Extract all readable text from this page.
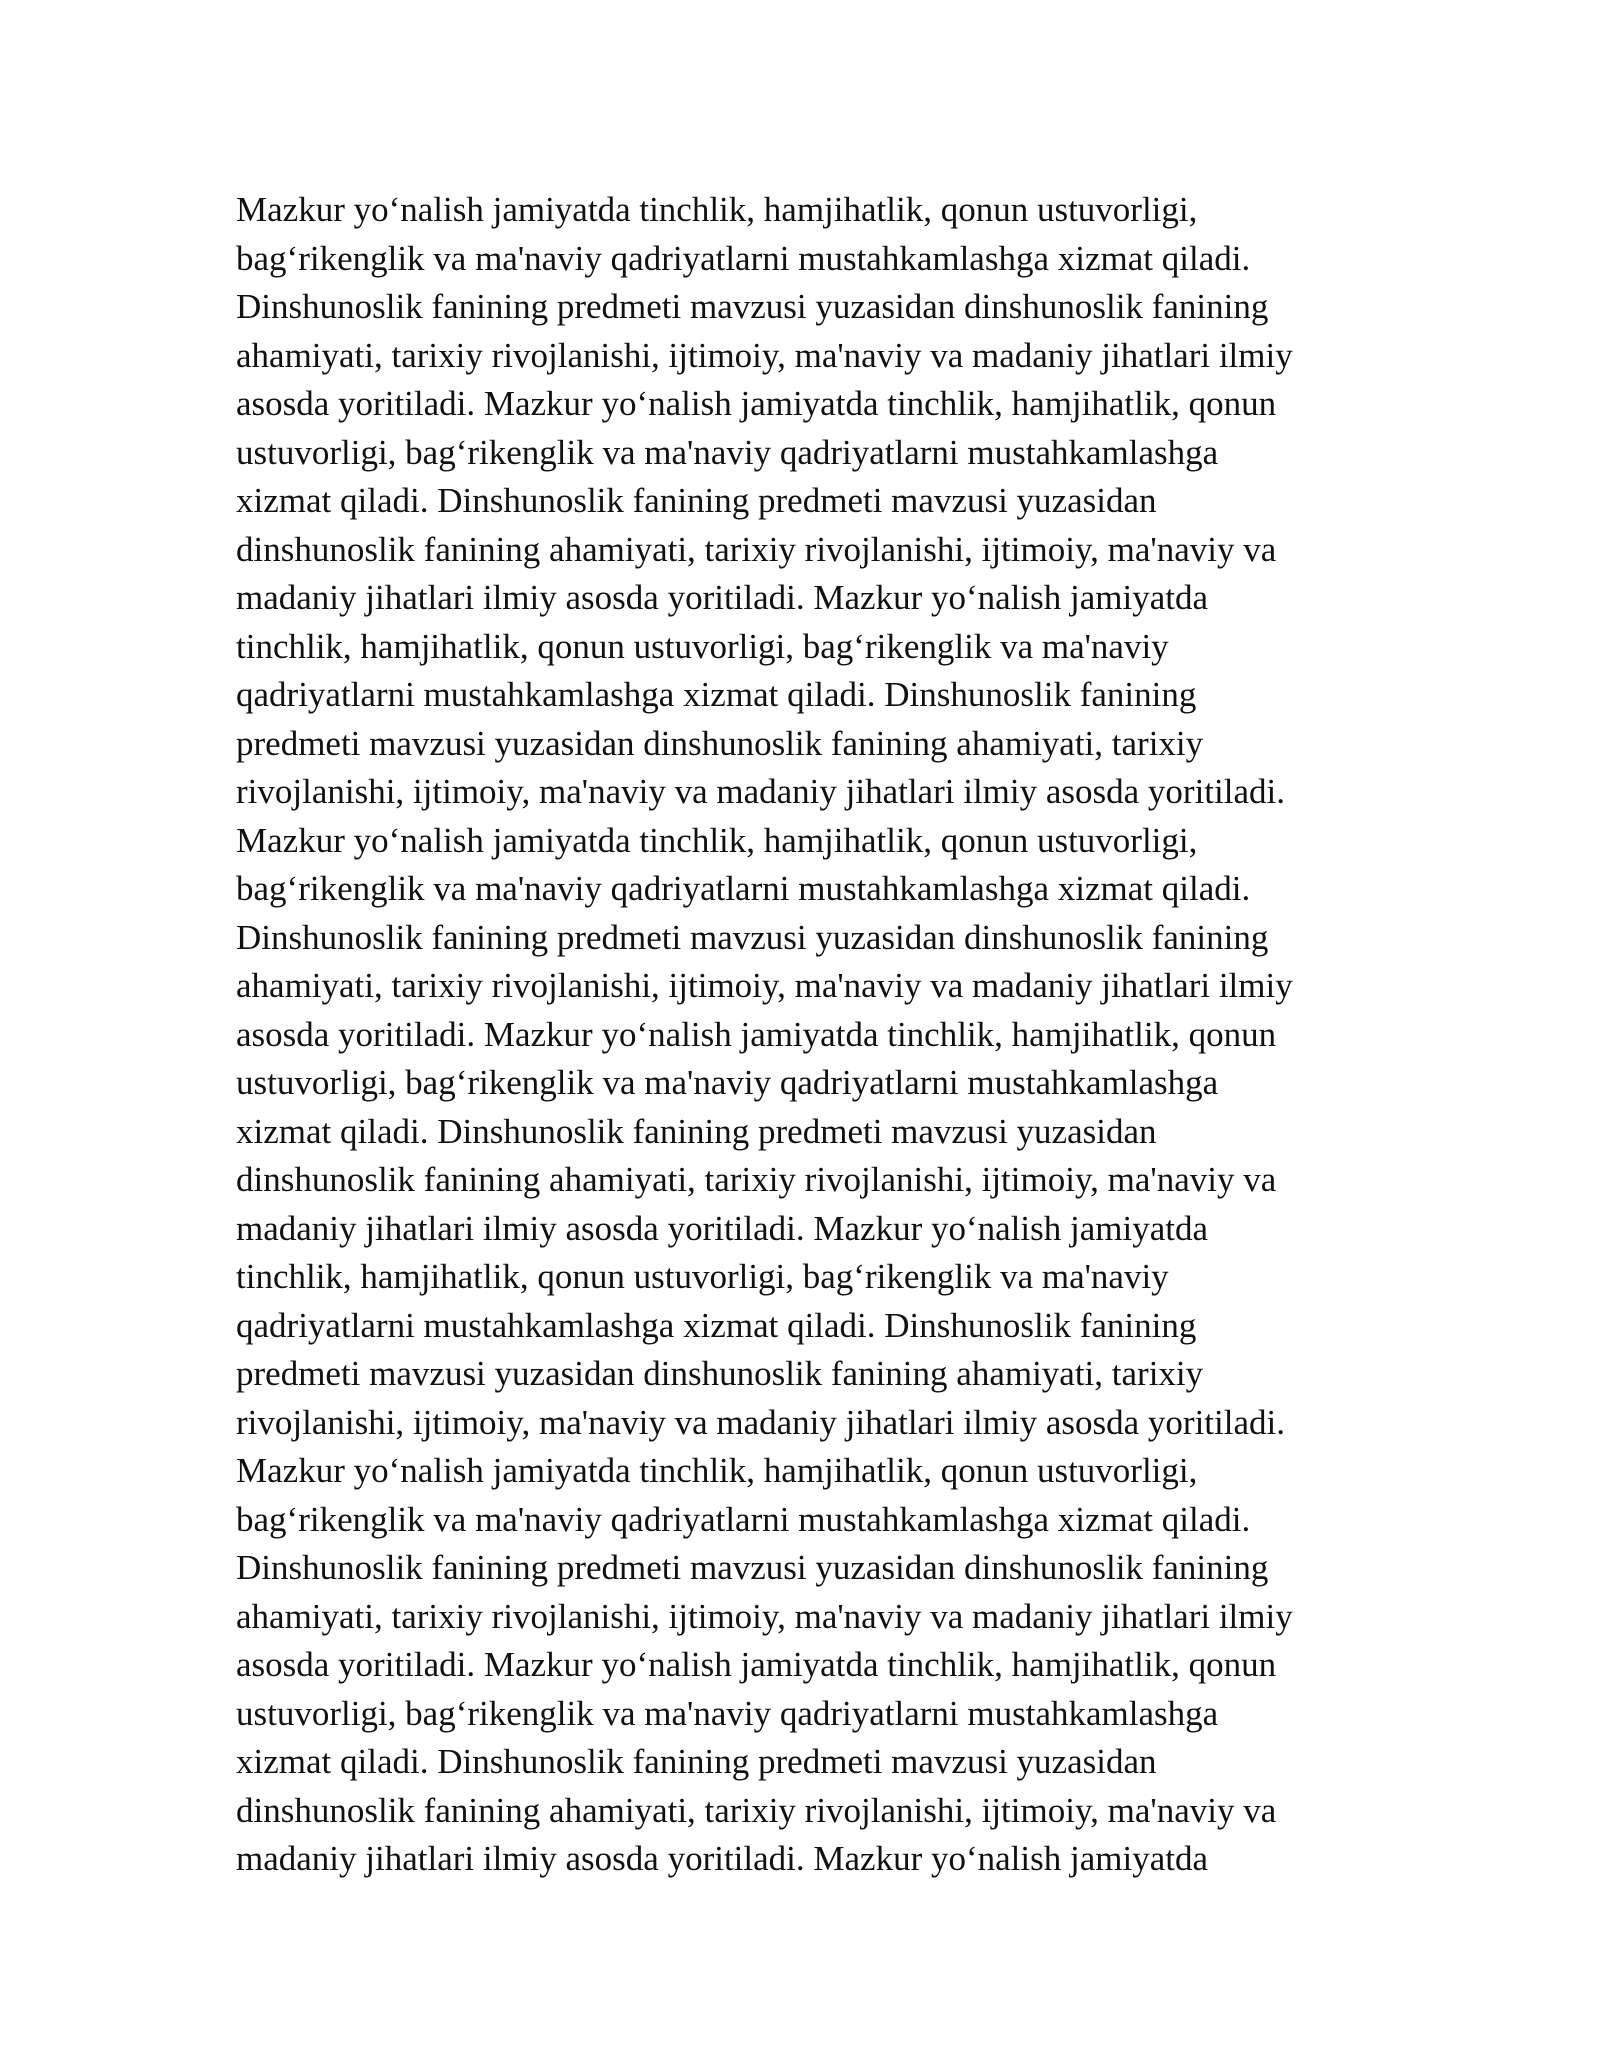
Mazkur yo‘nalish jamiyatda tinchlik, hamjihatlik, qonun ustuvorligi,
bag‘rikenglik va ma'naviy qadriyatlarni mustahkamlashga xizmat qiladi.
Dinshunoslik fanining predmeti mavzusi yuzasidan dinshunoslik fanining
ahamiyati, tarixiy rivojlanishi, ijtimoiy, ma'naviy va madaniy jihatlari ilmiy
asosda yoritiladi. Mazkur yo‘nalish jamiyatda tinchlik, hamjihatlik, qonun
ustuvorligi, bag‘rikenglik va ma'naviy qadriyatlarni mustahkamlashga
xizmat qiladi. Dinshunoslik fanining predmeti mavzusi yuzasidan
dinshunoslik fanining ahamiyati, tarixiy rivojlanishi, ijtimoiy, ma'naviy va
madaniy jihatlari ilmiy asosda yoritiladi. Mazkur yo‘nalish jamiyatda
tinchlik, hamjihatlik, qonun ustuvorligi, bag‘rikenglik va ma'naviy
qadriyatlarni mustahkamlashga xizmat qiladi. Dinshunoslik fanining
predmeti mavzusi yuzasidan dinshunoslik fanining ahamiyati, tarixiy
rivojlanishi, ijtimoiy, ma'naviy va madaniy jihatlari ilmiy asosda yoritiladi.
Mazkur yo‘nalish jamiyatda tinchlik, hamjihatlik, qonun ustuvorligi,
bag‘rikenglik va ma'naviy qadriyatlarni mustahkamlashga xizmat qiladi.
Dinshunoslik fanining predmeti mavzusi yuzasidan dinshunoslik fanining
ahamiyati, tarixiy rivojlanishi, ijtimoiy, ma'naviy va madaniy jihatlari ilmiy
asosda yoritiladi. Mazkur yo‘nalish jamiyatda tinchlik, hamjihatlik, qonun
ustuvorligi, bag‘rikenglik va ma'naviy qadriyatlarni mustahkamlashga
xizmat qiladi. Dinshunoslik fanining predmeti mavzusi yuzasidan
dinshunoslik fanining ahamiyati, tarixiy rivojlanishi, ijtimoiy, ma'naviy va
madaniy jihatlari ilmiy asosda yoritiladi. Mazkur yo‘nalish jamiyatda
tinchlik, hamjihatlik, qonun ustuvorligi, bag‘rikenglik va ma'naviy
qadriyatlarni mustahkamlashga xizmat qiladi. Dinshunoslik fanining
predmeti mavzusi yuzasidan dinshunoslik fanining ahamiyati, tarixiy
rivojlanishi, ijtimoiy, ma'naviy va madaniy jihatlari ilmiy asosda yoritiladi.
Mazkur yo‘nalish jamiyatda tinchlik, hamjihatlik, qonun ustuvorligi,
bag‘rikenglik va ma'naviy qadriyatlarni mustahkamlashga xizmat qiladi.
Dinshunoslik fanining predmeti mavzusi yuzasidan dinshunoslik fanining
ahamiyati, tarixiy rivojlanishi, ijtimoiy, ma'naviy va madaniy jihatlari ilmiy
asosda yoritiladi. Mazkur yo‘nalish jamiyatda tinchlik, hamjihatlik, qonun
ustuvorligi, bag‘rikenglik va ma'naviy qadriyatlarni mustahkamlashga
xizmat qiladi. Dinshunoslik fanining predmeti mavzusi yuzasidan
dinshunoslik fanining ahamiyati, tarixiy rivojlanishi, ijtimoiy, ma'naviy va
madaniy jihatlari ilmiy asosda yoritiladi. Mazkur yo‘nalish jamiyatda
